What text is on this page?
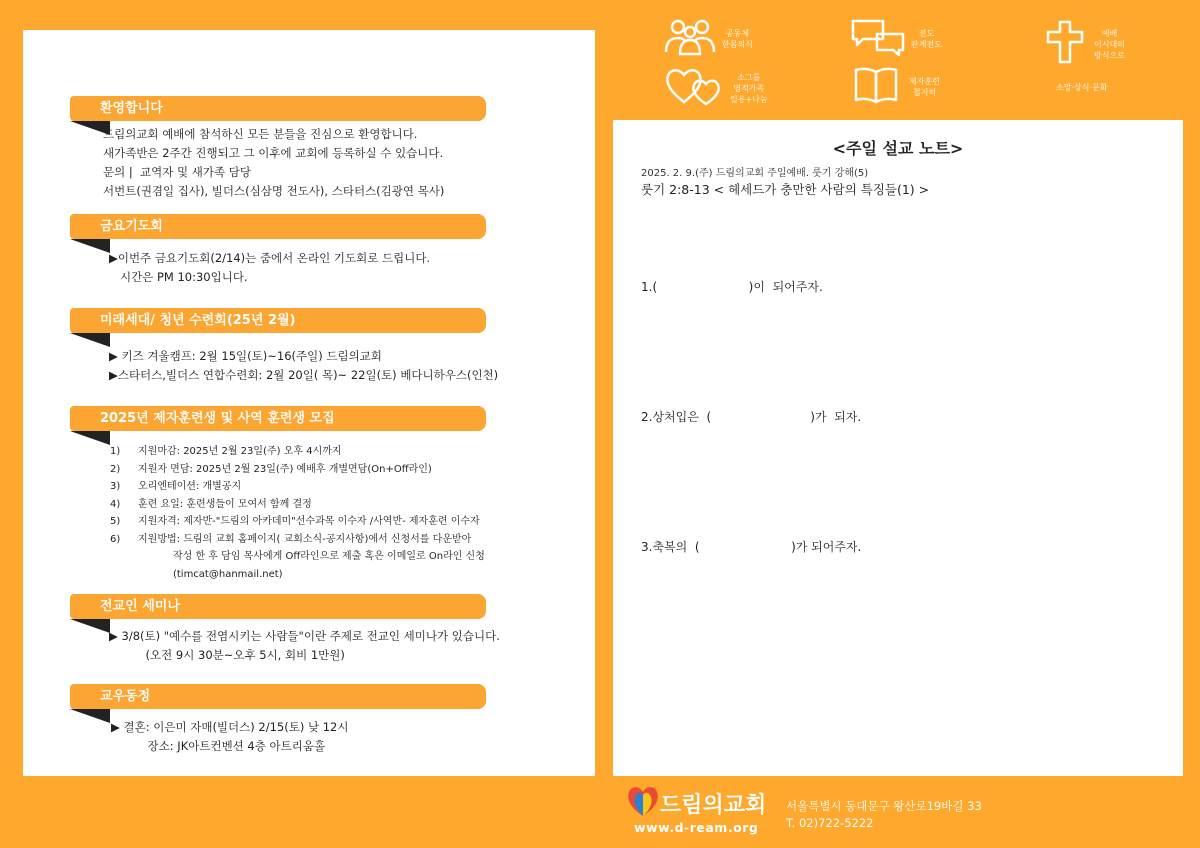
환영합니다
드림의교회 예배에 참석하신 모든 분들을 진심으로 환영합니다.
새가족반은 2주간 진행되고 그 이후에 교회에 등록하실 수 있습니다.
문의 |  교역자 및 새가족 담당
서번트(권겸일 집사), 빌더스(심삼명 전도사), 스타터스(김광연 목사)
금요기도회
▶이번주 금요기도회(2/14)는 줌에서 온라인 기도회로 드립니다.
시간은 PM 10:30입니다.
미래세대/ 청년 수련회(25년 2월)
▶ 키즈 겨울캠프: 2월 15일(토)~16(주일) 드림의교회
▶스타터스,빌더스 연합수련회: 2월 20일( 목)~ 22일(토) 베다니하우스(인천)
2025년 제자훈련생 및 사역 훈련생 모집
1) 지원마감: 2025년 2월 23일(주) 오후 4시까지
2) 지원자 면담: 2025년 2월 23일(주) 예배후 개별면담(On+Off라인)
3) 오리엔테이션: 개별공지
4) 훈련 요일: 훈련생들이 모여서 함께 결정
5) 지원자격: 제자반-"드림의 아카데미"선수과목 이수자 /사역반- 제자훈련 이수자
6) 지원방법: 드림의 교회 홈페이지( 교회소식-공지사항)에서 신청서를 다운받아
작성 한 후 담임 목사에게 Off라인으로 제출 혹은 이메일로 On라인 신청
(timcat@hanmail.net)
전교인 세미나
▶ 3/8(토) "예수를 전염시키는 사람들"이란 주제로 전교인 세미나가 있습니다.
(오전 9시 30분~오후 5시, 회비 1만원)
교우동정
▶ 결혼: 이은미 자매(빌더스) 2/15(토) 낮 12시
장소: JK아트컨벤션 4층 아트리움홀
공동체
한몸의식
전도
관계전도
예배
이시대의
방식으로
소그룹
영적가족
일용+나눔
제자훈련
철저히
소망·상식·문화
<주일 설교 노트>
2025. 2. 9.(주) 드림의교회 주일예배. 룻기 강해(5)
룻기 2:8-13 < 헤세드가 충만한 사람의 특징들(1) >
1.(                        )이  되어주자.
2.상처입은  (                          )가  되자.
3.축복의  (                        )가 되어주자.
드림의교회
www.d-ream.org
서울특별시 동대문구 왕산로19바길 33
T. 02)722-5222
